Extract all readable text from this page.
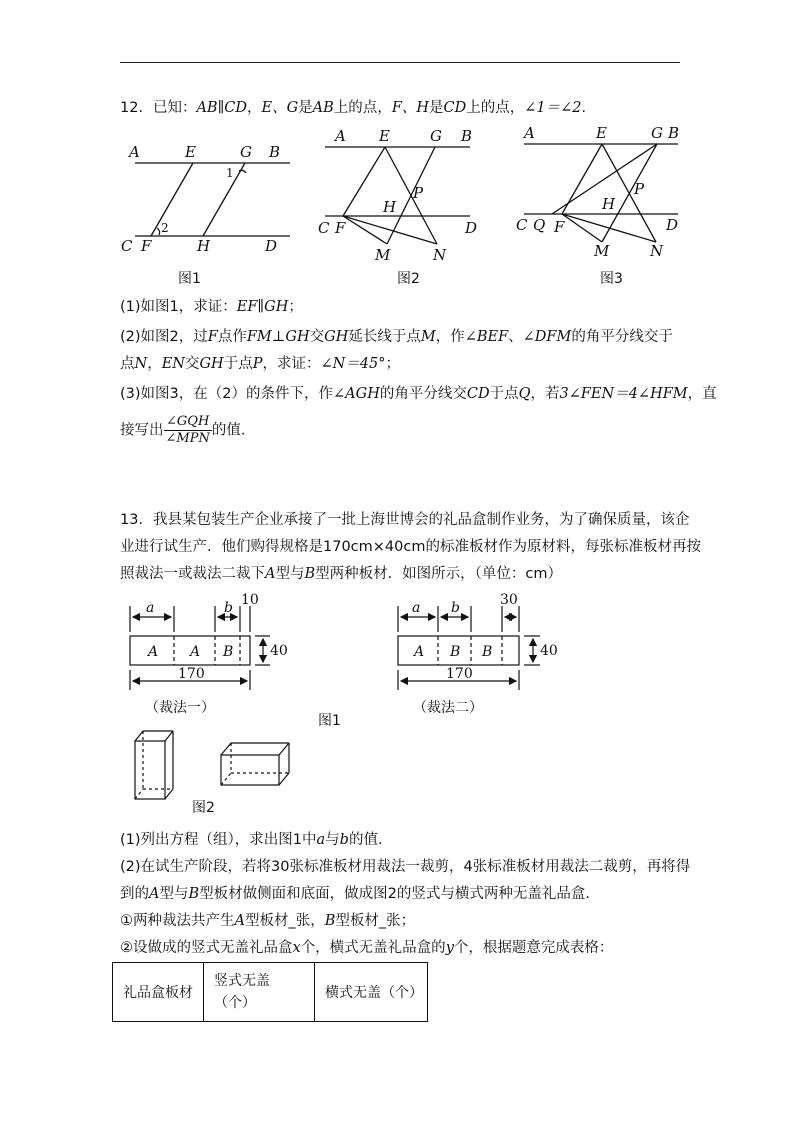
12．已知：AB∥CD，E、G是AB上的点，F、H是CD上的点，∠1＝∠2．
A	E	G B
C F	H	D
1
2
图1
A E	G B
C F
H
P
D
M	N
图2
A	E	G B
C Q F
H
P
D
M	N
图3
(1)如图1，求证：EF∥GH；
(2)如图2，过F点作FM⊥GH交GH延长线于点M，作∠BEF、∠DFM的角平分线交于
点N，EN交GH于点P，求证：∠N＝45°；
(3)如图3，在（2）的条件下，作∠AGH的角平分线交CD于点Q，若3∠FEN＝4∠HFM，直
接写出 $\frac{\text{∠GQH}}{\text{∠MPN}}$ 的值.
13．我县某包装生产企业承接了一批上海世博会的礼品盒制作业务，为了确保质量，该企
业进行试生产．他们购得规格是170cm×40cm的标准板材作为原材料，每张标准板材再按
照裁法一或裁法二裁下A型与B型两种板材．如图所示，（单位：cm）
a	b 10
A A B	40
170
（裁法一）
a b	30
A B B	40
170
（裁法二）
图1
图2
(1)列出方程（组），求出图1中a与b的值.
(2)在试生产阶段，若将30张标准板材用裁法一裁剪，4张标准板材用裁法二裁剪，再将得
到的A型与B型板材做侧面和底面，做成图2的竖式与横式两种无盖礼品盒.
①两种裁法共产生A型板材_张，B型板材_张；
②设做成的竖式无盖礼品盒x个，横式无盖礼品盒的y个，根据题意完成表格：
礼品盒板材	竖式无盖（个）	横式无盖（个）
